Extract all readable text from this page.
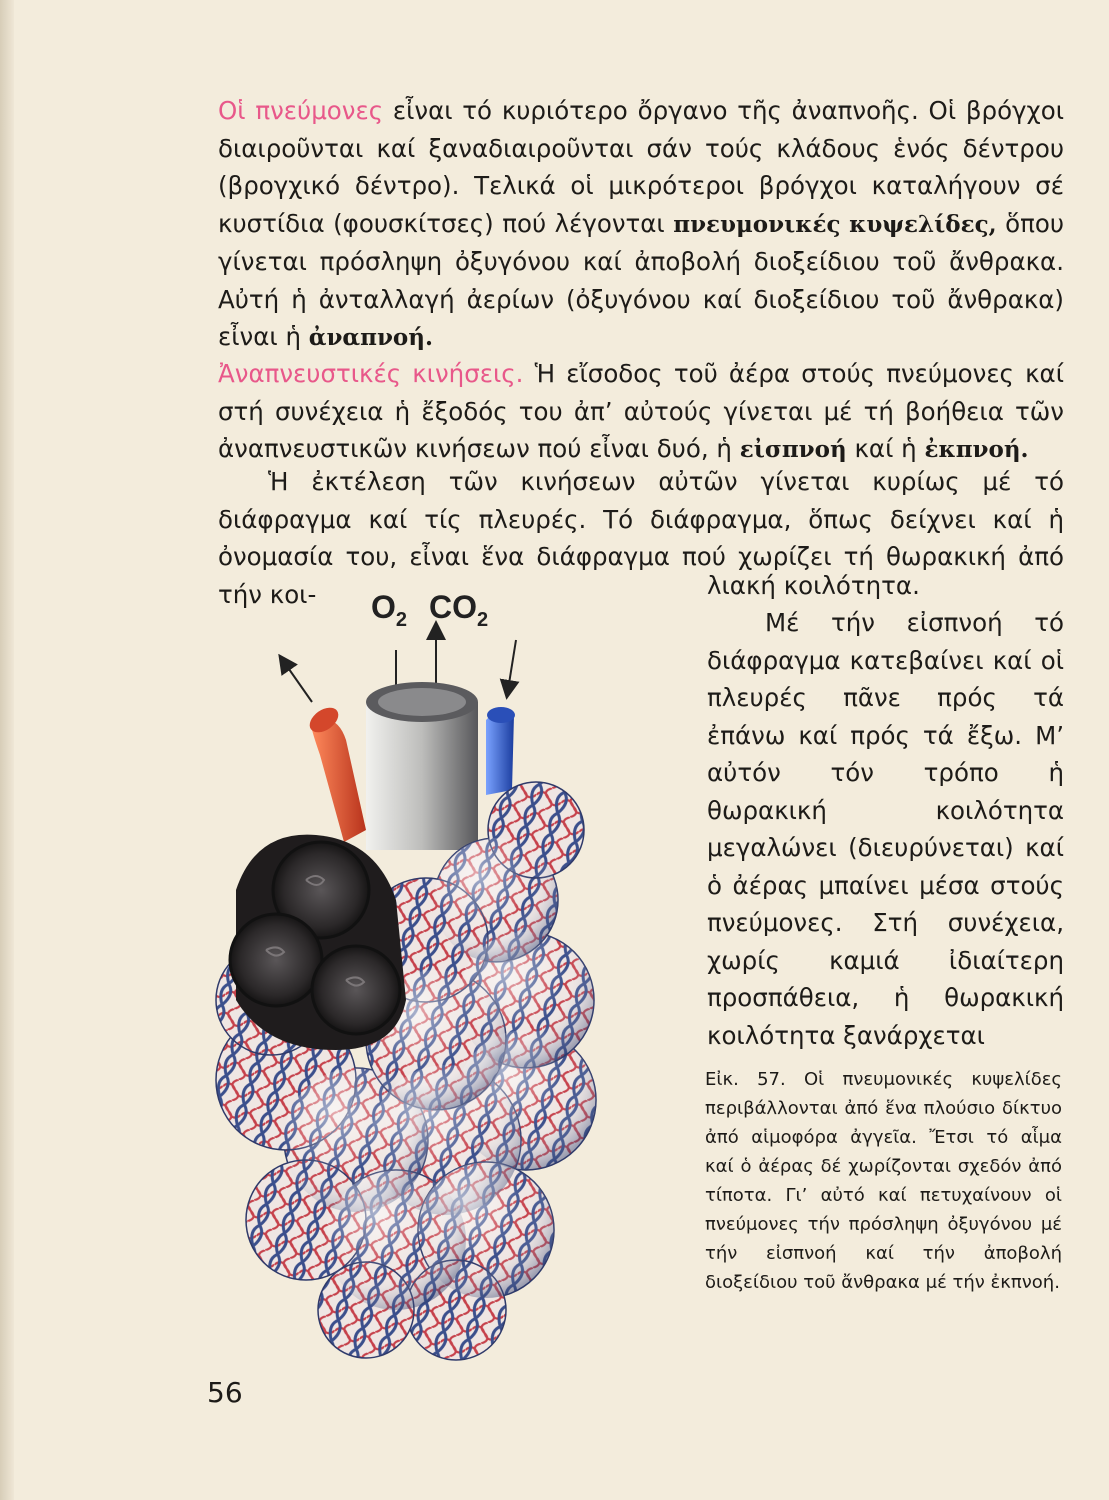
Οἱ πνεύμονες εἶναι τό κυριότερο ὄργανο τῆς ἀναπνοῆς. Οἱ βρόγχοι διαιροῦνται καί ξαναδιαιροῦνται σάν τούς κλάδους ἑνός δέντρου (βρογχικό δέντρο). Τελικά οἱ μικρότεροι βρόγχοι καταλήγουν σέ κυστίδια (φουσκίτσες) πού λέγονται πνευμονικές κυψελίδες, ὅπου γίνεται πρόσληψη ὀξυγόνου καί ἀποβολή διοξείδιου τοῦ ἄνθρακα. Αὐτή ἡ ἀνταλλαγή ἀερίων (ὀξυγόνου καί διοξείδιου τοῦ ἄνθρακα) εἶναι ἡ ἀναπνοή.
Ἀναπνευστικές κινήσεις. Ἡ εἴσοδος τοῦ ἀέρα στούς πνεύμονες καί στή συνέχεια ἡ ἔξοδός του ἀπ’ αὐτούς γίνεται μέ τή βοήθεια τῶν ἀναπνευστικῶν κινήσεων πού εἶναι δυό, ἡ εἰσπνοή καί ἡ ἐκπνοή.
Ἡ ἐκτέλεση τῶν κινήσεων αὐτῶν γίνεται κυρίως μέ τό διάφραγμα καί τίς πλευρές. Τό διάφραγμα, ὅπως δείχνει καί ἡ ὀνομασία του, εἶναι ἕνα διάφραγμα πού χωρίζει τή θωρακική ἀπό τήν κοι-	λιακή κοιλότητα.
Μέ τήν εἰσπνοή τό διάφραγμα κατεβαίνει καί οἱ πλευρές πᾶνε πρός τά ἐπάνω καί πρός τά ἔξω. Μ’ αὐτόν τόν τρόπο ἡ θωρακική κοιλότητα μεγαλώνει (διευρύνεται) καί ὁ ἀέρας μπαίνει μέσα στούς πνεύμονες. Στή συνέχεια, χωρίς καμιά ἰδιαίτερη προσπάθεια, ἡ θωρακική κοιλότητα ξανάρχεται
$O_2$ $CO_2$
Εἰκ. 57. Οἱ πνευμονικές κυψελίδες περιβάλλονται ἀπό ἕνα πλούσιο δίκτυο ἀπό αἱμοφόρα ἀγγεῖα. Ἔτσι τό αἷμα καί ὁ ἀέρας δέ χωρίζονται σχεδόν ἀπό τίποτα. Γι’ αὐτό καί πετυχαίνουν οἱ πνεύμονες τήν πρόσληψη ὀξυγόνου μέ τήν εἰσπνοή καί τήν ἀποβολή διοξείδιου τοῦ ἄνθρακα μέ τήν ἐκπνοή.
56
